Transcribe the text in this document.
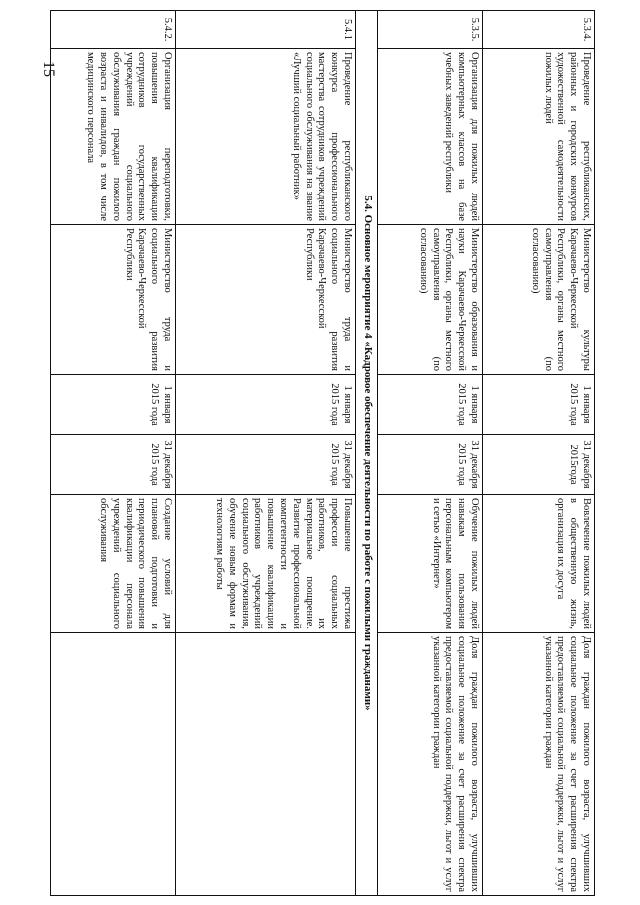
15
5.3.4.	Проведение республиканских, районных и городских конкурсов художественной самодеятельности пожилых людей	Министерство культуры Карачаево-Черкесской Республики, органы местного самоуправления (по согласованию)	1 января 2015 года	31 декабря 2015года	Вовлечение пожилых людей в общественную жизнь, организация их досуга	Доля граждан пожилого возраста, улучшивших социальное положение за счет расширения спектра предоставляемой социальной поддержки, льгот и услуг указанной категории граждан
5.3.5.	Организация для пожилых людей компьютерных классов на базе учебных заведений республики	Министерство образования и науки Карачаево-Черкесской Республики, органы местного самоуправления (по согласованию)	1 января 2015 года	31 декабря 2015 года	Обучение пожилых людей навыкам пользования персональным компьютером и сетью «Интернет»	Доля граждан пожилого возраста, улучшивших социальное положение за счет расширения спектра предоставляемой социальной поддержки, льгот и услуг указанной категории граждан
5.4. Основное мероприятие 4 «Кадровое обеспечение деятельности по работе с пожилыми гражданами»						
5.4.1	Проведение республиканского конкурса профессионального мастерства сотрудников учреждений социального обслуживания на звание «Лучший социальный работник»	Министерство труда и социального развития Карачаево-Черкесской Республики	1 января 2015 года	31 декабря 2015 года	Повышение престижа профессии социальных работников, их материальное поощрение. Развитие профессиональной компетентности и повышение квалификации работников учреждений социального обслуживания, обучение новым формам и технологиям работы	
5.4.2.	Организация переподготовки, повышения квалификации сотрудников государственных учреждений социального обслуживания граждан пожилого возраста и инвалидов, в том числе медицинского персонала	Министерство труда и социального развития Карачаево-Черкесской Республики	1 января 2015 года	31 декабря 2015 года	Создание условий для плановой подготовки и периодического повышения квалификации персонала учреждений социального обслуживания	
